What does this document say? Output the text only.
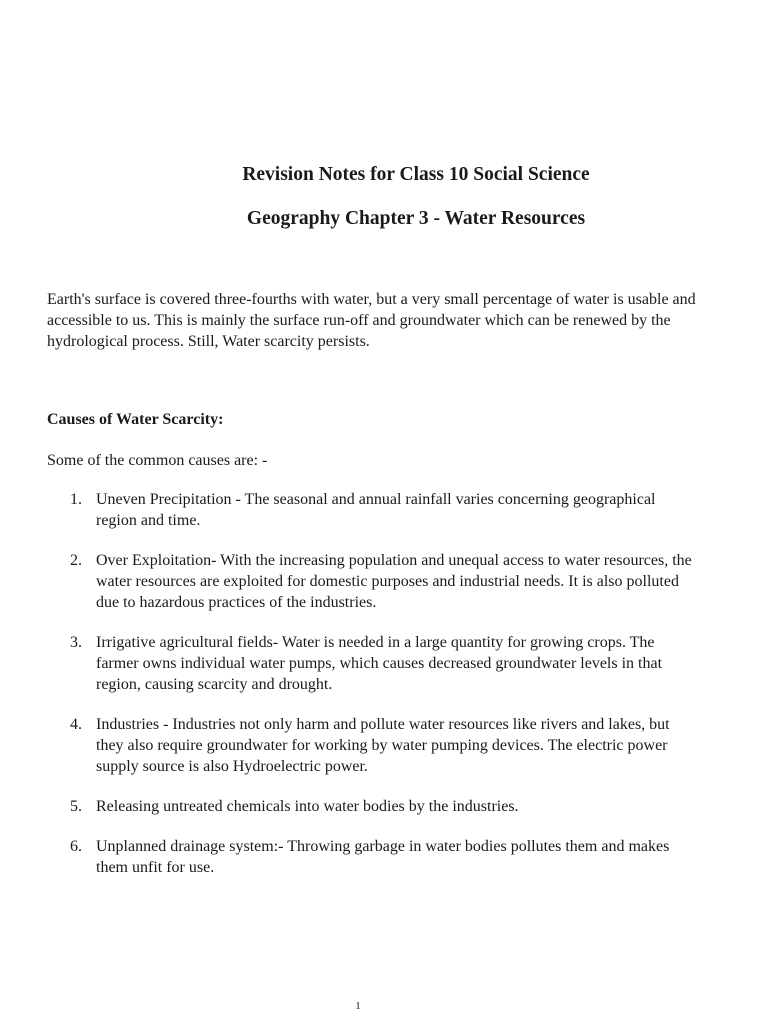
Revision Notes for Class 10 Social Science
Geography Chapter 3 - Water Resources

Earth's surface is covered three-fourths with water, but a very small percentage of water is usable and accessible to us. This is mainly the surface run-off and groundwater which can be renewed by the hydrological process. Still, Water scarcity persists.

Causes of Water Scarcity:

Some of the common causes are: -

1. Uneven Precipitation - The seasonal and annual rainfall varies concerning geographical region and time.
2. Over Exploitation- With the increasing population and unequal access to water resources, the water resources are exploited for domestic purposes and industrial needs. It is also polluted due to hazardous practices of the industries.
3. Irrigative agricultural fields- Water is needed in a large quantity for growing crops. The farmer owns individual water pumps, which causes decreased groundwater levels in that region, causing scarcity and drought.
4. Industries - Industries not only harm and pollute water resources like rivers and lakes, but they also require groundwater for working by water pumping devices. The electric power supply source is also Hydroelectric power.
5. Releasing untreated chemicals into water bodies by the industries.
6. Unplanned drainage system:- Throwing garbage in water bodies pollutes them and makes them unfit for use.

1
